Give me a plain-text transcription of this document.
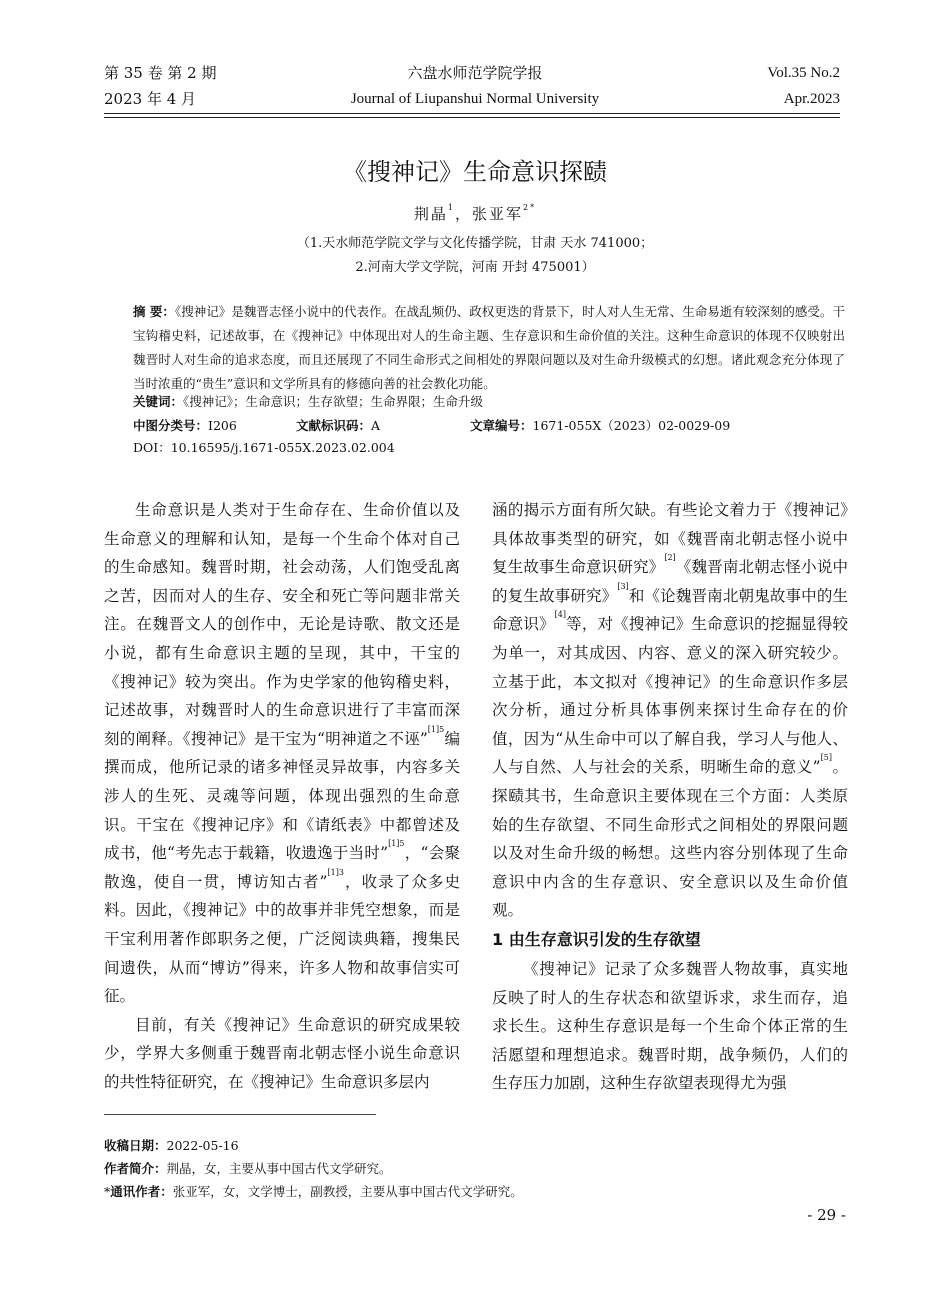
第 35 卷 第 2 期
2023 年 4 月
六盘水师范学院学报
Journal of Liupanshui Normal University
Vol.35 No.2
Apr.2023
《搜神记》生命意识探赜
荆晶$^1$，张亚军$^{2*}$
（1.天水师范学院文学与文化传播学院，甘肃 天水 741000；
2.河南大学文学院，河南 开封 475001）
摘 要：《搜神记》是魏晋志怪小说中的代表作。在战乱频仍、政权更迭的背景下，时人对人生无常、生命易逝有较深刻的感受。干宝钩稽史料，记述故事，在《搜神记》中体现出对人的生命主题、生存意识和生命价值的关注。这种生命意识的体现不仅映射出魏晋时人对生命的追求态度，而且还展现了不同生命形式之间相处的界限问题以及对生命升级模式的幻想。诸此观念充分体现了当时浓重的“贵生”意识和文学所具有的修德向善的社会教化功能。
关键词：《搜神记》；生命意识；生存欲望；生命界限；生命升级
中图分类号：I206	文献标识码：A	文章编号：1671-055X（2023）02-0029-09
DOI：10.16595/j.1671-055X.2023.02.004

生命意识是人类对于生命存在、生命价值以及生命意义的理解和认知，是每一个生命个体对自己的生命感知。魏晋时期，社会动荡，人们饱受乱离之苦，因而对人的生存、安全和死亡等问题非常关注。在魏晋文人的创作中，无论是诗歌、散文还是小说，都有生命意识主题的呈现，其中，干宝的《搜神记》较为突出。作为史学家的他钩稽史料，记述故事，对魏晋时人的生命意识进行了丰富而深刻的阐释。《搜神记》是干宝为“明神道之不诬”$^{[1]5}$编撰而成，他所记录的诸多神怪灵异故事，内容多关涉人的生死、灵魂等问题，体现出强烈的生命意识。干宝在《搜神记序》和《请纸表》中都曾述及成书，他“考先志于载籍，收遗逸于当时”$^{[1]5}$，“会聚散逸，使自一贯，博访知古者”$^{[1]3}$，收录了众多史料。因此，《搜神记》中的故事并非凭空想象，而是干宝利用著作郎职务之便，广泛阅读典籍，搜集民间遗佚，从而“博访”得来，许多人物和故事信实可征。

目前，有关《搜神记》生命意识的研究成果较少，学界大多侧重于魏晋南北朝志怪小说生命意识的共性特征研究，在《搜神记》生命意识多层内

涵的揭示方面有所欠缺。有些论文着力于《搜神记》具体故事类型的研究，如《魏晋南北朝志怪小说中复生故事生命意识研究》[2]《魏晋南北朝志怪小说中的复生故事研究》[3]和《论魏晋南北朝鬼故事中的生命意识》[4]等，对《搜神记》生命意识的挖掘显得较为单一，对其成因、内容、意义的深入研究较少。立基于此，本文拟对《搜神记》的生命意识作多层次分析，通过分析具体事例来探讨生命存在的价值，因为“从生命中可以了解自我，学习人与他人、人与自然、人与社会的关系，明晰生命的意义”[5]。探赜其书，生命意识主要体现在三个方面：人类原始的生存欲望、不同生命形式之间相处的界限问题以及对生命升级的畅想。这些内容分别体现了生命意识中内含的生存意识、安全意识以及生命价值观。

1 由生存意识引发的生存欲望

《搜神记》记录了众多魏晋人物故事，真实地反映了时人的生存状态和欲望诉求，求生而存，追求长生。这种生存意识是每一个生命个体正常的生活愿望和理想追求。魏晋时期，战争频仍，人们的生存压力加剧，这种生存欲望表现得尤为强

收稿日期：2022-05-16
作者简介：荆晶，女，主要从事中国古代文学研究。
*通讯作者：张亚军，女，文学博士，副教授，主要从事中国古代文学研究。
- 29 -
